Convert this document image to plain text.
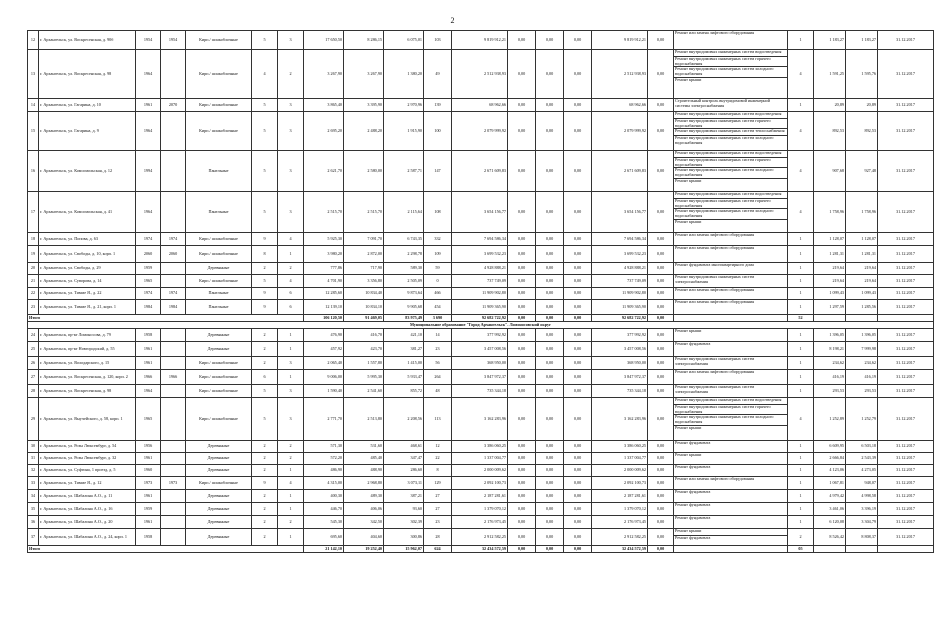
2
12	г. Архангельск, ул. Воскресенская, д. 90б	1954	1954	Кирп./ шлакоблочные	5	3	17 650,50	8 286,15	6 075,01	103	9 819 912,21	0,00	0,00	0,00	9 819 912,21	0,00	Ремонт или замена лифтового оборудования	1	1 183,27	1 183,27	31.12.2017
13	г. Архангельск, ул. Воскресенская, д. 98	1964		Кирп./ шлакоблочные	4	2	3 267,90	3 267,90	1 380,20	49	2 512 938,93	0,00	0,00	0,00	2 512 938,93	0,00	Ремонт внутридомовых инженерных систем водоотведения
Ремонт внутридомовых инженерных систем горячего водоснабжения
Ремонт внутридомовых инженерных систем холодного водоснабжения
Ремонт крыши	4	1 591,25	1 595,76	31.12.2017
14	г. Архангельск, ул. Гагарина, д. 10	1961	2070	Кирп./ шлакоблочные	5	3	3 865,40	3 395,90	2 970,96	139	68 962,66	0,00	0,00	0,00	68 962,66	0,00	Строительный контроль внутридомовой инженерной системы электроснабжения	1	20,89	20,89	31.12.2017
15	г. Архангельск, ул. Гагарина, д. 9	1964		Кирп./ шлакоблочные	5	3	2 695,20	2 488,20	1 915,90	100	2 079 999,92	0,00	0,00	0,00	2 079 999,92	0,00	Ремонт внутридомовых инженерных систем водоотведения
Ремонт внутридомовых инженерных систем горячего водоснабжения
Ремонт внутридомовых инженерных систем теплоснабжения
Ремонт внутридомовых инженерных систем холодного водоснабжения	4	892,53	892,53	31.12.2017
16	г. Архангельск, ул. Комсомольская, д. 12	1994		Панельные	5	3	2 621,70	2 580,00	2 587,71	147	2 671 609,83	0,00	0,00	0,00	2 671 609,83	0,00	Ремонт внутридомовых инженерных систем водоотведения
Ремонт внутридомовых инженерных систем горячего водоснабжения
Ремонт внутридомовых инженерных систем холодного водоснабжения
Ремонт крыши	4	907,68	927,48	31.12.2017
17	г. Архангельск, ул. Комсомольская, д. 41	1964		Панельные	5	3	2 515,70	2 515,70	2 115,64	108	3 654 156,77	0,00	0,00	0,00	3 654 156,77	0,00	Ремонт внутридомовых инженерных систем водоотведения
Ремонт внутридомовых инженерных систем горячего водоснабжения
Ремонт внутридомовых инженерных систем холодного водоснабжения
Ремонт крыши	4	1 758,96	1 758,96	31.12.2017
18	г. Архангельск, ул. Попова, д. 63	1974	1974	Кирп./ шлакоблочные	9	4	5 925,30	7 091,70	6 743,35	332	7 694 586,34	0,00	0,00	0,00	7 694 586,34	0,00	Ремонт или замена лифтового оборудования	1	1 128,07	1 128,07	31.12.2017
19	г. Архангельск, ул. Свободы, д. 10, корп. 1	2060	2060	Кирп./ шлакоблочные	8	1	3 980,20	2 872,00	2 298,78	109	3 699 532,23	0,00	0,00	0,00	3 699 532,23	0,00	Ремонт или замена лифтового оборудования	1	1 281,31	1 281,31	31.12.2017
20	г. Архангельск, ул. Свободы, д. 29	1959		Деревянные	2	2	777,86	717,90	589,30	59	4 928 888,21	0,00	0,00	0,00	4 928 888,21	0,00	Ремонт фундамента многоквартирного дома	1	219,64	219,64	31.12.2017
21	г. Архангельск, ул. Суворова, д. 14	1965		Кирп./ шлакоблочные	5	4	4 701,90	3 356,80	2 505,09	0	737 749,09	0,00	0,00	0,00	737 749,09	0,00	Ремонт внутридомовых инженерных систем электроснабжения	1	219,64	219,64	31.12.2017
22	г. Архангельск, ул. Тимме Я., д. 22	1974	1974	Панельные	9	6	12 285,60	10 834,40	9 873,64	466	11 909 902,80	0,00	0,00	0,00	11 909 902,80	0,00	Ремонт или замена лифтового оборудования	1	1 099,43	1 099,43	31.12.2017
23	г. Архангельск, ул. Тимме Я., д. 21, корп. 1	1984	1984	Панельные	9	6	12 139,10	10 834,10	9 905,68	454	11 909 365,90	0,00	0,00	0,00	11 909 365,90	0,00	Ремонт или замена лифтового оборудования	1	1 297,59	1 285,56	31.12.2017
Итого							106 120,50	91 469,05	83 975,49	3 690	92 682 722,92	0,00	0,00	0,00	92 682 722,92	0,00		52			
Муниципальное образование "Город Архангельск". Ломоносовский округ																					
24	г. Архангельск, пр-кт Ломоносова, д. 79	1958		Деревянные	2	1	476,90	416,70	421,10	14	377 992,92	0,00	0,00	0,00	377 992,92	0,00	Ремонт крыши	1	1 396,05	1 396,05	31.12.2017
25	г. Архангельск, пр-кт Новгородский, д. 55	1961		Деревянные	2	1	457,92	423,70	381,27	23	3 457 008,56	0,00	0,00	0,00	3 457 008,56	0,00	Ремонт фундамента	1	8 198,21	7 999,98	31.12.2017
26	г. Архангельск, ул. Володарского, д. 15	1961		Кирп./ шлакоблочные	2	3	2 065,40	1 557,80	1 415,00	56	368 950,00	0,00	0,00	0,00	368 950,00	0,00	Ремонт внутридомовых инженерных систем электроснабжения	1	234,62	234,62	31.12.2017
27	г. Архангельск, ул. Воскресенская, д. 120, корп. 2	1966	1966	Кирп./ шлакоблочные	6	1	9 006,00	5 995,30	5 933,47	264	3 847 972,37	0,00	0,00	0,00	3 847 972,37	0,00	Ремонт или замена лифтового оборудования	1	416,19	416,19	31.12.2017
28	г. Архангельск, ул. Воскресенская, д. 98	1964		Кирп./ шлакоблочные	5	3	1 590,40	2 541,60	855,72	48	735 344,18	0,00	0,00	0,00	735 344,18	0,00	Ремонт внутридомовых инженерных систем электроснабжения	1	293,53	293,53	31.12.2017
29	г. Архангельск, ул. Выучейского, д. 58, корп. 1	1965		Кирп./ шлакоблочные	5	3	2 771,70	2 513,80	2 208,56	113	3 162 283,96	0,00	0,00	0,00	3 162 283,96	0,00	Ремонт внутридомовых инженерных систем водоотведения
Ремонт внутридомовых инженерных систем горячего водоснабжения
Ремонт внутридомовых инженерных систем холодного водоснабжения
Ремонт крыши	4	1 252,89	1 252,79	31.12.2017
30	г. Архангельск, ул. Розы Люксембург, д. 54	1956		Деревянные	2	2	571,30	531,60	468,61	12	3 386 060,25	0,00	0,00	0,00	3 386 060,25	0,00	Ремонт фундамента	1	6 609,95	6 503,18	31.12.2017
31	г. Архангельск, ул. Розы Люксембург, д. 32	1961		Деревянные	2	2	572,20	485,40	347,47	22	1 337 004,77	0,00	0,00	0,00	1 337 004,77	0,00	Ремонт крыши	1	2 666,84	2 543,39	31.12.2017
32	г. Архангельск, ул. Суфтина, 1 проезд, д. 5	1960		Деревянные	2	1	486,90	488,90	286,60	8	2 000 009,62	0,00	0,00	0,00	2 000 009,62	0,00	Ремонт фундамента	1	4 123,06	4 273,05	31.12.2017
33	г. Архангельск, ул. Тимме Я., д. 12	1973	1973	Кирп./ шлакоблочные	9	4	4 315,00	2 968,80	3 073,11	129	2 092 100,73	0,00	0,00	0,00	2 092 100,73	0,00	Ремонт или замена лифтового оборудования	1	1 067,81	948,07	31.12.2017
34	г. Архангельск, ул. Шабалина А.О., д. 11	1961		Деревянные	2	1	400,30	489,30	387,21	27	2 187 281,61	0,00	0,00	0,00	2 187 281,61	0,00	Ремонт фундамента	1	4 979,42	4 998,58	31.12.2017
35	г. Архангельск, ул. Шабалина А.О., д. 16	1959		Деревянные	2	1	446,70	406,06	93,60	27	1 379 070,12	0,00	0,00	0,00	1 379 070,12	0,00	Ремонт фундамента	1	3 461,06	3 396,19	31.12.2017
36	г. Архангельск, ул. Шабалина А.О., д. 20	1961		Деревянные	2	2	545,30	342,50	302,39	23	2 176 973,45	0,00	0,00	0,00	2 176 973,45	0,00	Ремонт фундамента	1	6 120,08	3 304,79	31.12.2017
37	г. Архангельск, ул. Шабалина А.О., д. 24, корп. 1	1958		Деревянные	2	1	695,60	404,60	300,86	28	2 912 582,25	0,00	0,00	0,00	2 912 582,25	0,00	Ремонт крыши
Ремонт фундамента	2	8 526,42	8 808,37	31.12.2017
Итого							21 142,10	19 252,40	15 962,07	624	32 434 572,59	0,00	0,00	0,00	32 434 572,59	0,00		05			
